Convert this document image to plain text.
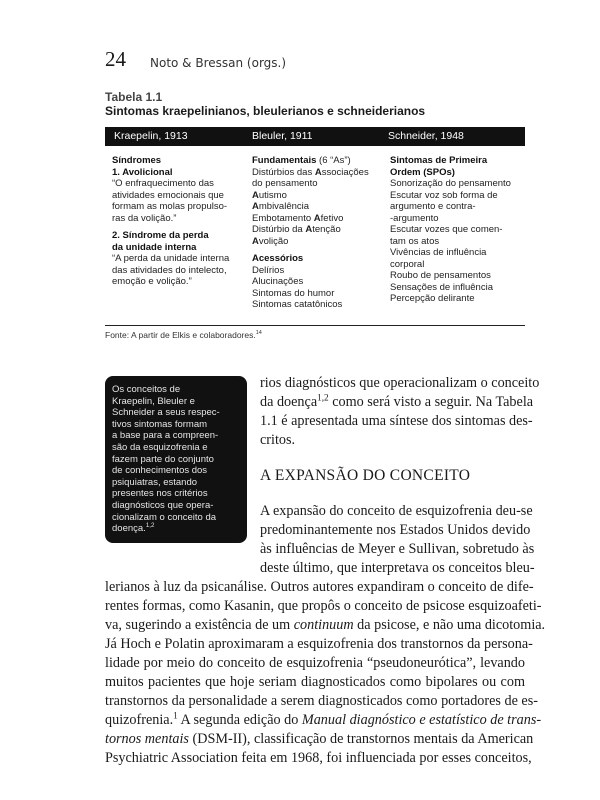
24 Noto & Bressan (orgs.)
Tabela 1.1
Sintomas kraepelinianos, bleulerianos e schneiderianos
Kraepelin, 1913	Bleuler, 1911	Schneider, 1948

Síndromes

1. Avolicional

“O enfraquecimento das

atividades emocionais que

formam as molas propulso-

ras da volição.”

2. Síndrome da perda

da unidade interna

“A perda da unidade interna

das atividades do intelecto,

emoção e volição.”

Fundamentais (6 “As”)

Distúrbios das Associações

do pensamento

Autismo

Ambivalência

Embotamento Afetivo

Distúrbio da Atenção

Avolição

Acessórios

Delírios

Alucinações

Sintomas do humor

Sintomas catatônicos

Sintomas de Primeira

Ordem (SPOs)

Sonorização do pensamento

Escutar voz sob forma de

argumento e contra-

-argumento

Escutar vozes que comen-

tam os atos

Vivências de influência

corporal

Roubo de pensamentos

Sensações de influência

Percepção delirante

Fonte: A partir de Elkis e colaboradores.$^{14}$
Os conceitos de
Kraepelin, Bleuler e
Schneider a seus respec-
tivos sintomas formam
a base para a compreen-
são da esquizofrenia e
fazem parte do conjunto
de conhecimentos dos
psiquiatras, estando
presentes nos critérios
diagnósticos que opera-
cionalizam o conceito da
doença.$^{1,2}$
rios diagnósticos que operacionalizam o conceito
da doença$^{1,2}$ como será visto a seguir. Na Tabela
1.1 é apresentada uma síntese dos sintomas des-
critos.
A EXPANSÃO DO CONCEITO
A expansão do conceito de esquizofrenia deu-se
predominantemente nos Estados Unidos devido
às influências de Meyer e Sullivan, sobretudo às
deste último, que interpretava os conceitos bleu-
lerianos à luz da psicanálise. Outros autores expandiram o conceito de dife-
rentes formas, como Kasanin, que propôs o conceito de psicose esquizoafeti-
va, sugerindo a existência de um continuum da psicose, e não uma dicotomia.
Já Hoch e Polatin aproximaram a esquizofrenia dos transtornos da persona-
lidade por meio do conceito de esquizofrenia “pseudoneurótica”, levando
muitos pacientes que hoje seriam diagnosticados como bipolares ou com
transtornos da personalidade a serem diagnosticados como portadores de es-
quizofrenia.$^1$ A segunda edição do Manual diagnóstico e estatístico de trans-
tornos mentais (DSM-II), classificação de transtornos mentais da American
Psychiatric Association feita em 1968, foi influenciada por esses conceitos,
